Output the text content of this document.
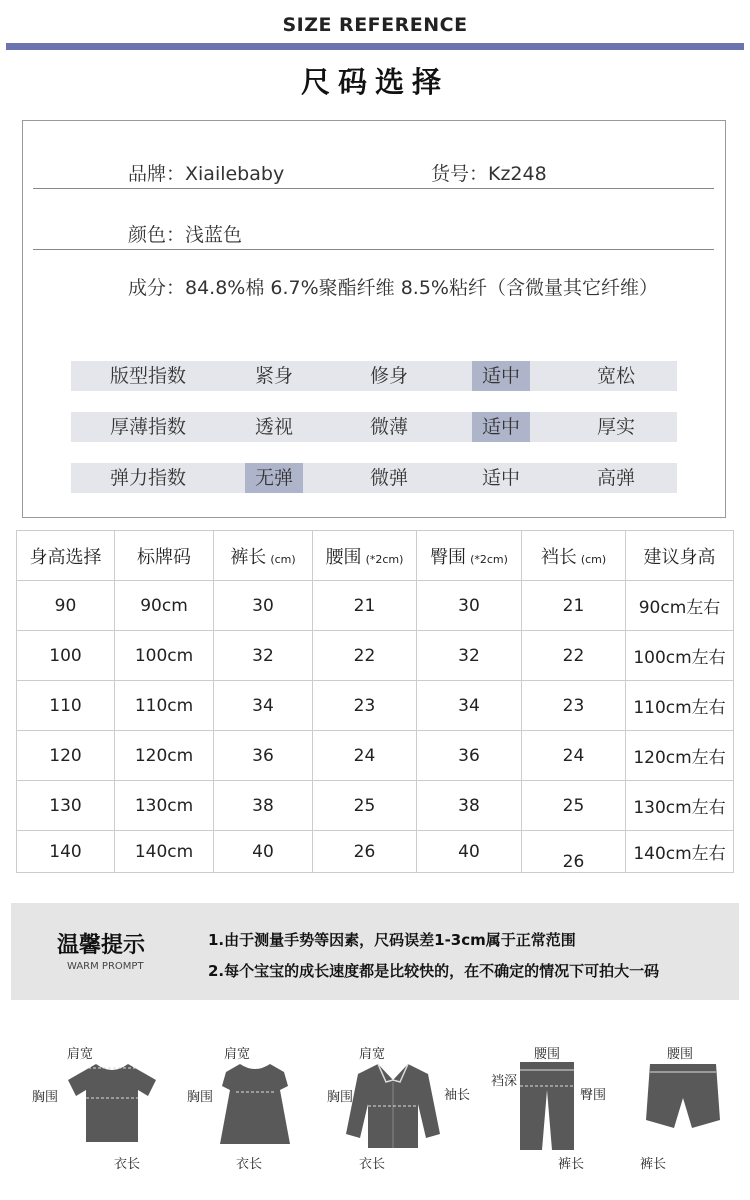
SIZE REFERENCE
尺码选择
品牌：Xiailebaby	货号：Kz248
颜色：浅蓝色
成分：84.8%棉 6.7%聚酯纤维 8.5%粘纤（含微量其它纤维）
版型指数	紧身	修身	适中	宽松
厚薄指数	透视	微薄	适中	厚实
弹力指数	无弹	微弹	适中	高弹
身高选择	标牌码	裤长 (cm)	腰围 (*2cm)	臀围 (*2cm)	裆长 (cm)	建议身高
90	90cm	30	21	30	21	90cm左右
100	100cm	32	22	32	22	100cm左右
110	110cm	34	23	34	23	110cm左右
120	120cm	36	24	36	24	120cm左右
130	130cm	38	25	38	25	130cm左右
140	140cm	40	26	40	26	140cm左右
温馨提示
WARM PROMPT
1.由于测量手势等因素，尺码误差1-3cm属于正常范围
2.每个宝宝的成长速度都是比较快的，在不确定的情况下可拍大一码
肩宽
胸围
衣长
肩宽
胸围
衣长
肩宽
胸围	袖长
衣长
腰围
裆深
臀围
裤长
腰围
裤长
